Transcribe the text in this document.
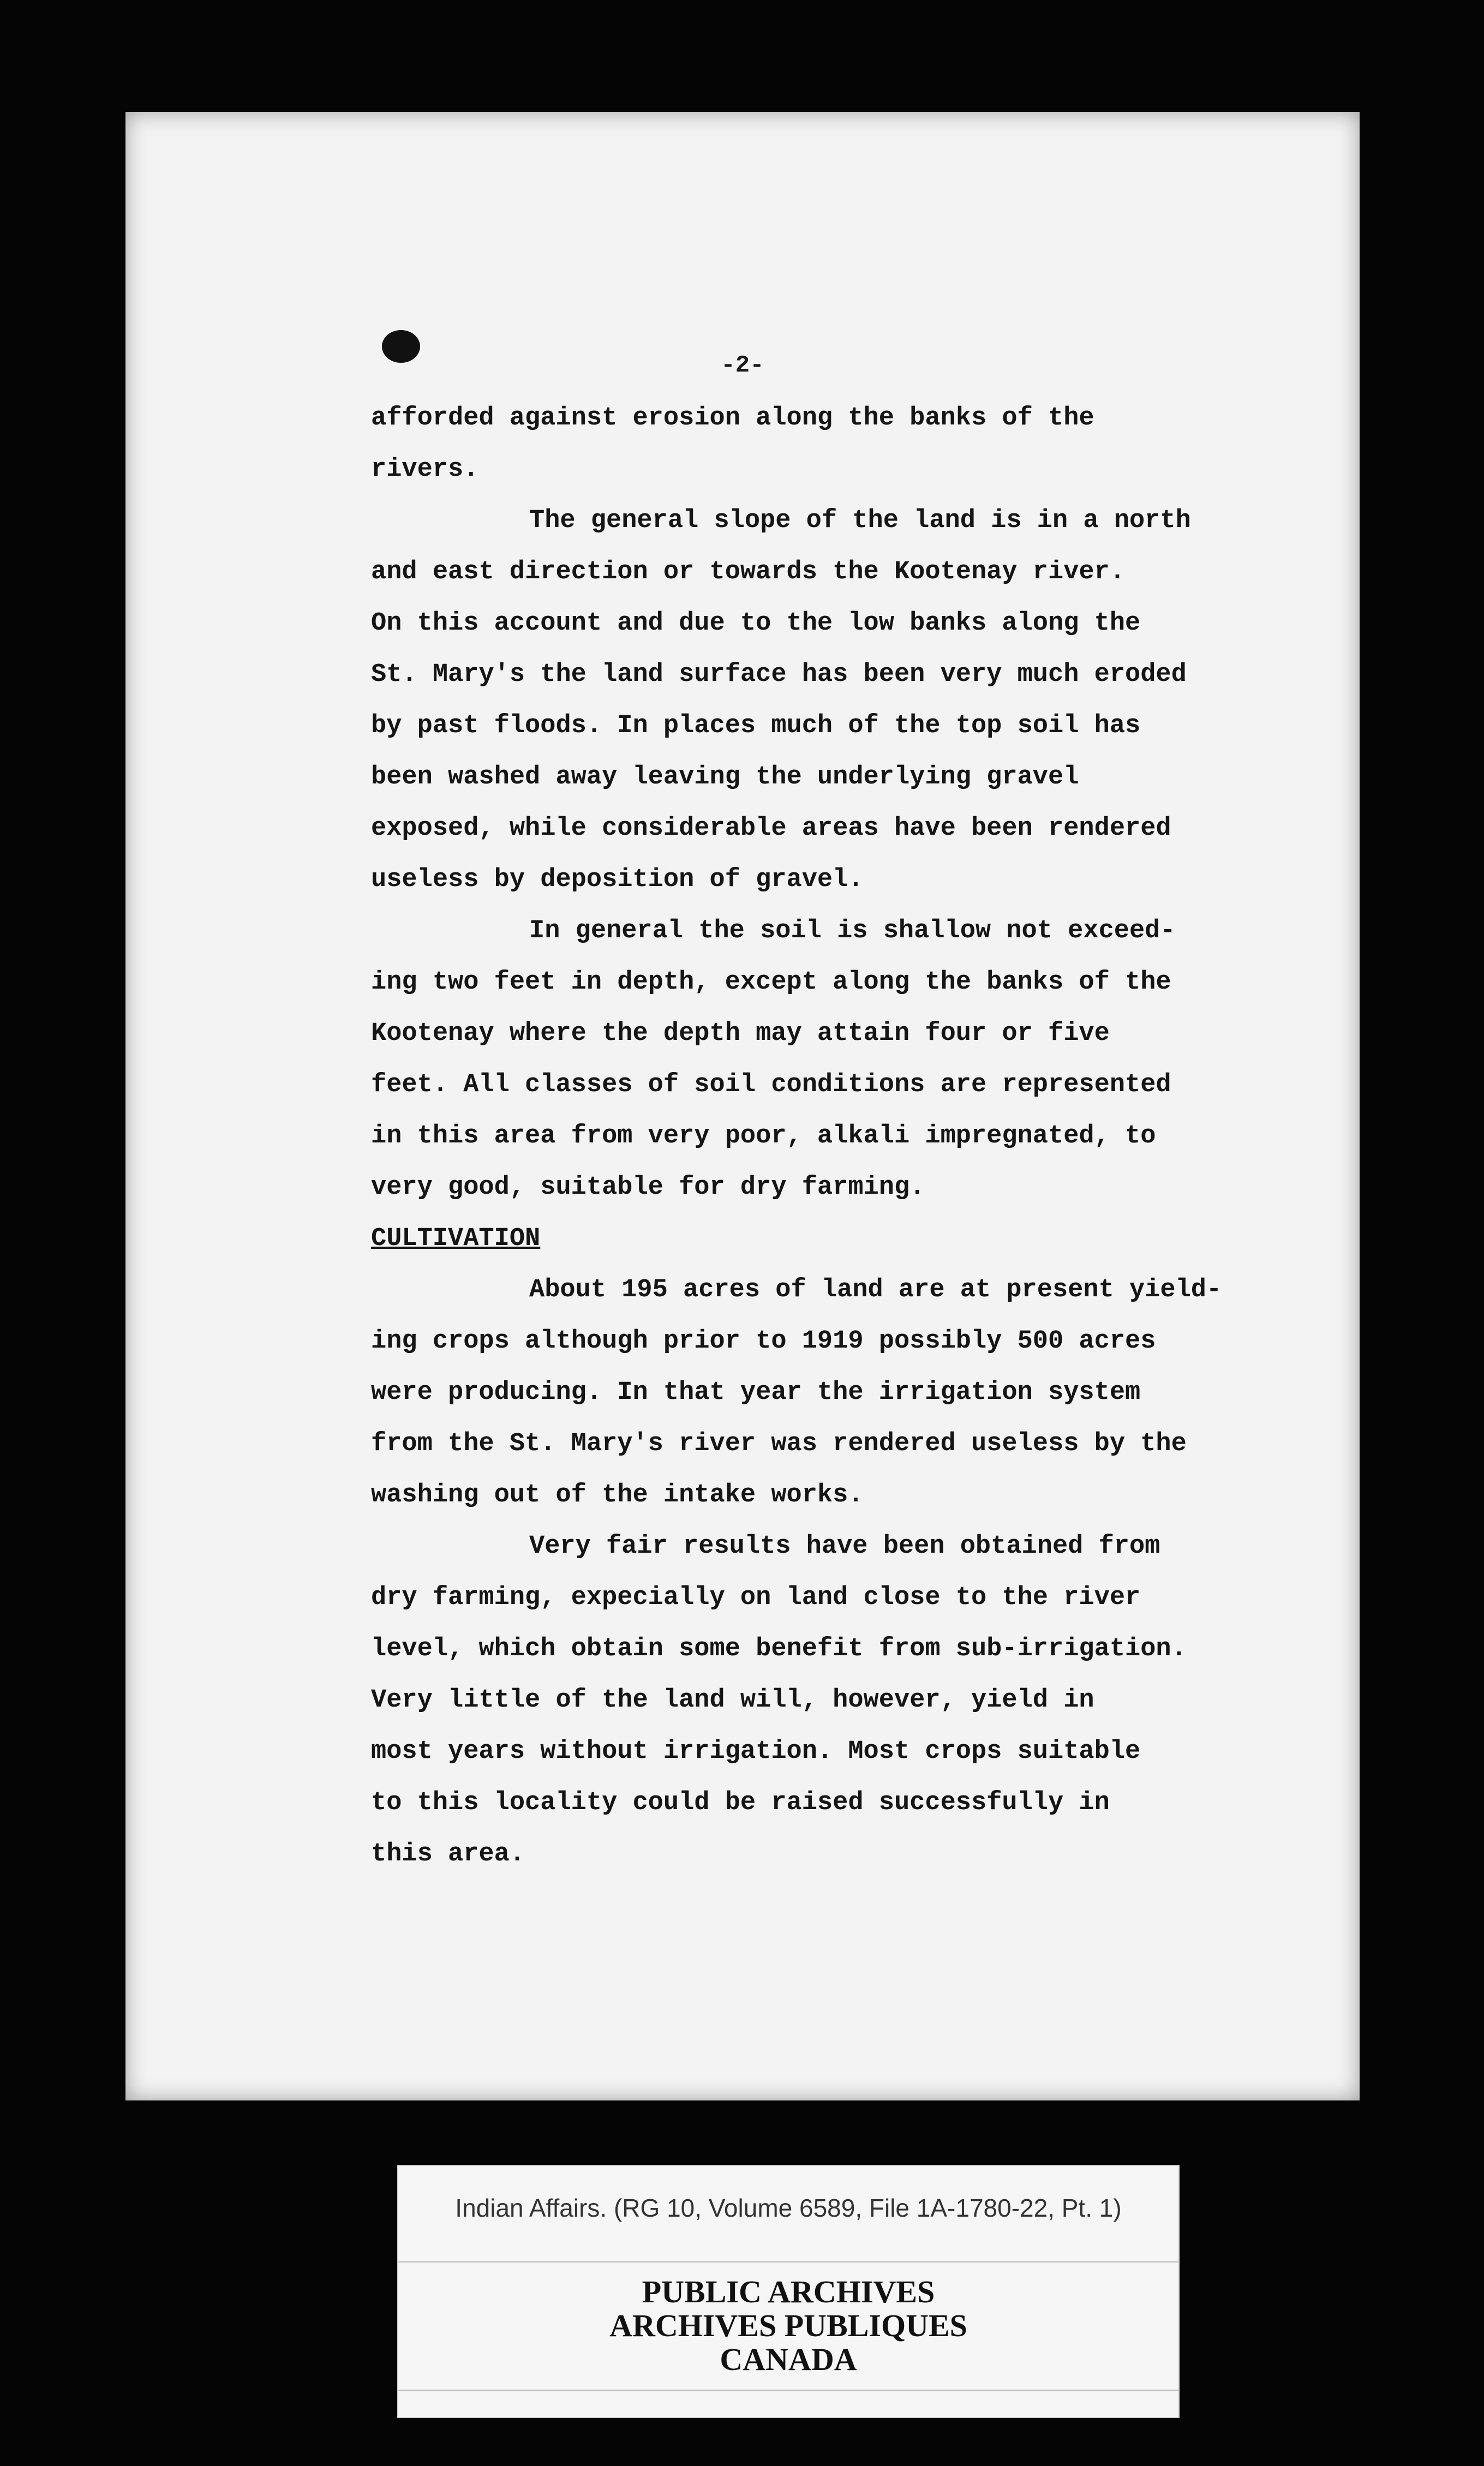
-2-

afforded against erosion along the banks of the
rivers.

The general slope of the land is in a north
and east direction or towards the Kootenay river.
On this account and due to the low banks along the
St. Mary's the land surface has been very much eroded
by past floods. In places much of the top soil has
been washed away leaving the underlying gravel
exposed, while considerable areas have been rendered
useless by deposition of gravel.

In general the soil is shallow not exceed-
ing two feet in depth, except along the banks of the
Kootenay where the depth may attain four or five
feet. All classes of soil conditions are represented
in this area from very poor, alkali impregnated, to
very good, suitable for dry farming.

CULTIVATION

About 195 acres of land are at present yield-
ing crops although prior to 1919 possibly 500 acres
were producing. In that year the irrigation system
from the St. Mary's river was rendered useless by the
washing out of the intake works.

Very fair results have been obtained from
dry farming, expecially on land close to the river
level, which obtain some benefit from sub-irrigation.
Very little of the land will, however, yield in
most years without irrigation. Most crops suitable
to this locality could be raised successfully in
this area.

Indian Affairs. (RG 10, Volume 6589, File 1A-1780-22, Pt. 1)
PUBLIC ARCHIVES
ARCHIVES PUBLIQUES
CANADA
